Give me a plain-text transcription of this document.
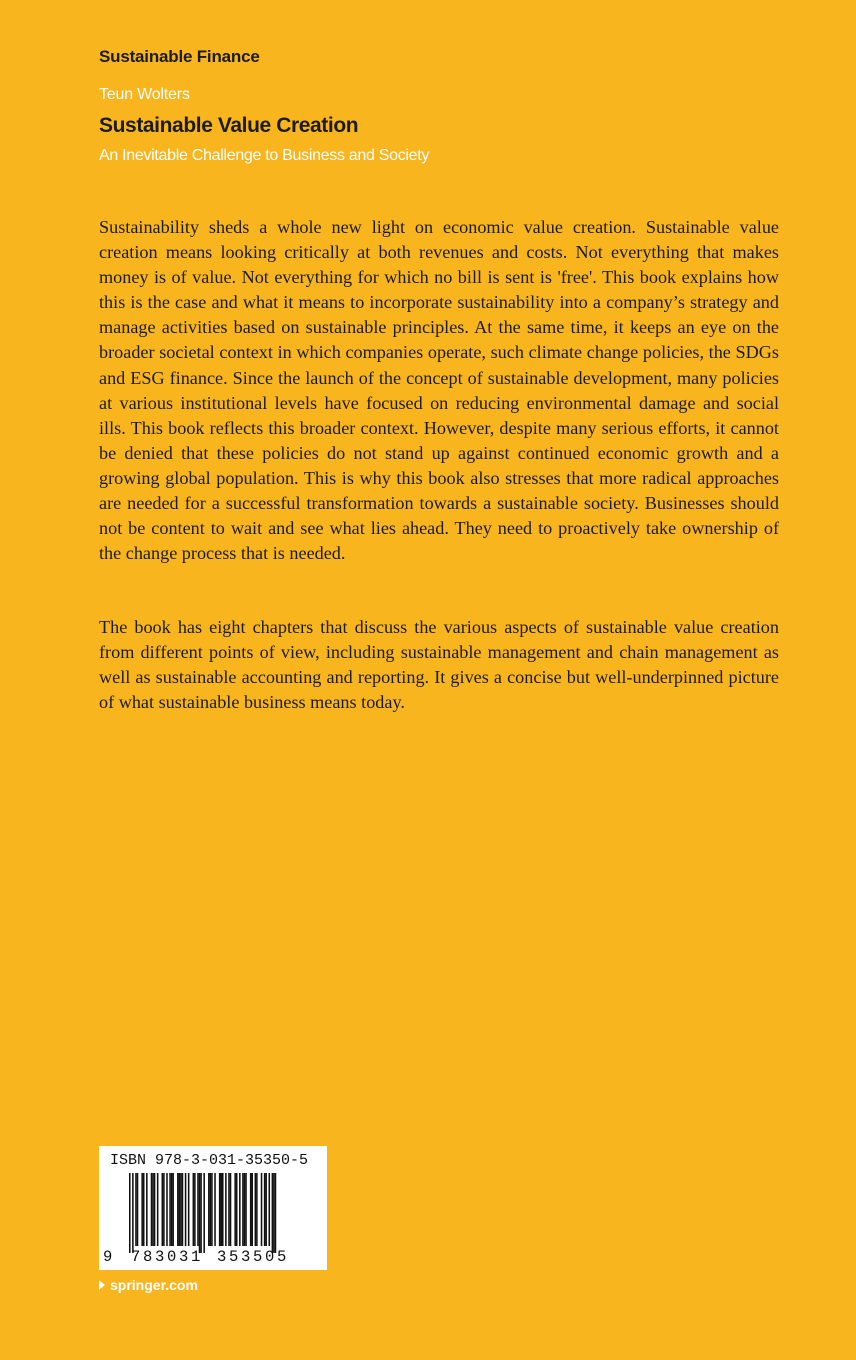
Sustainable Finance
Teun Wolters
Sustainable Value Creation
An Inevitable Challenge to Business and Society

Sustainability sheds a whole new light on economic value creation. Sustainable value creation means looking critically at both revenues and costs. Not everything that makes money is of value. Not everything for which no bill is sent is 'free'. This book explains how this is the case and what it means to incorporate sustainability into a company’s strategy and manage activities based on sustainable principles. At the same time, it keeps an eye on the broader societal context in which companies operate, such climate change policies, the SDGs and ESG finance. Since the launch of the concept of sustainable development, many policies at various institutional levels have focused on reducing environmental damage and social ills. This book reflects this broader context. However, despite many serious efforts, it cannot be denied that these policies do not stand up against continued economic growth and a growing global population. This is why this book also stresses that more radical approaches are needed for a successful transformation towards a sustainable society. Businesses should not be content to wait and see what lies ahead. They need to proactively take ownership of the change process that is needed.

The book has eight chapters that discuss the various aspects of sustainable value creation from different points of view, including sustainable management and chain management as well as sustainable accounting and reporting. It gives a concise but well-underpinned picture of what sustainable business means today.

ISBN 978-3-031-35350-5
9 7 8 3 0 3 1 3 5 3 5 0 5
springer.com
